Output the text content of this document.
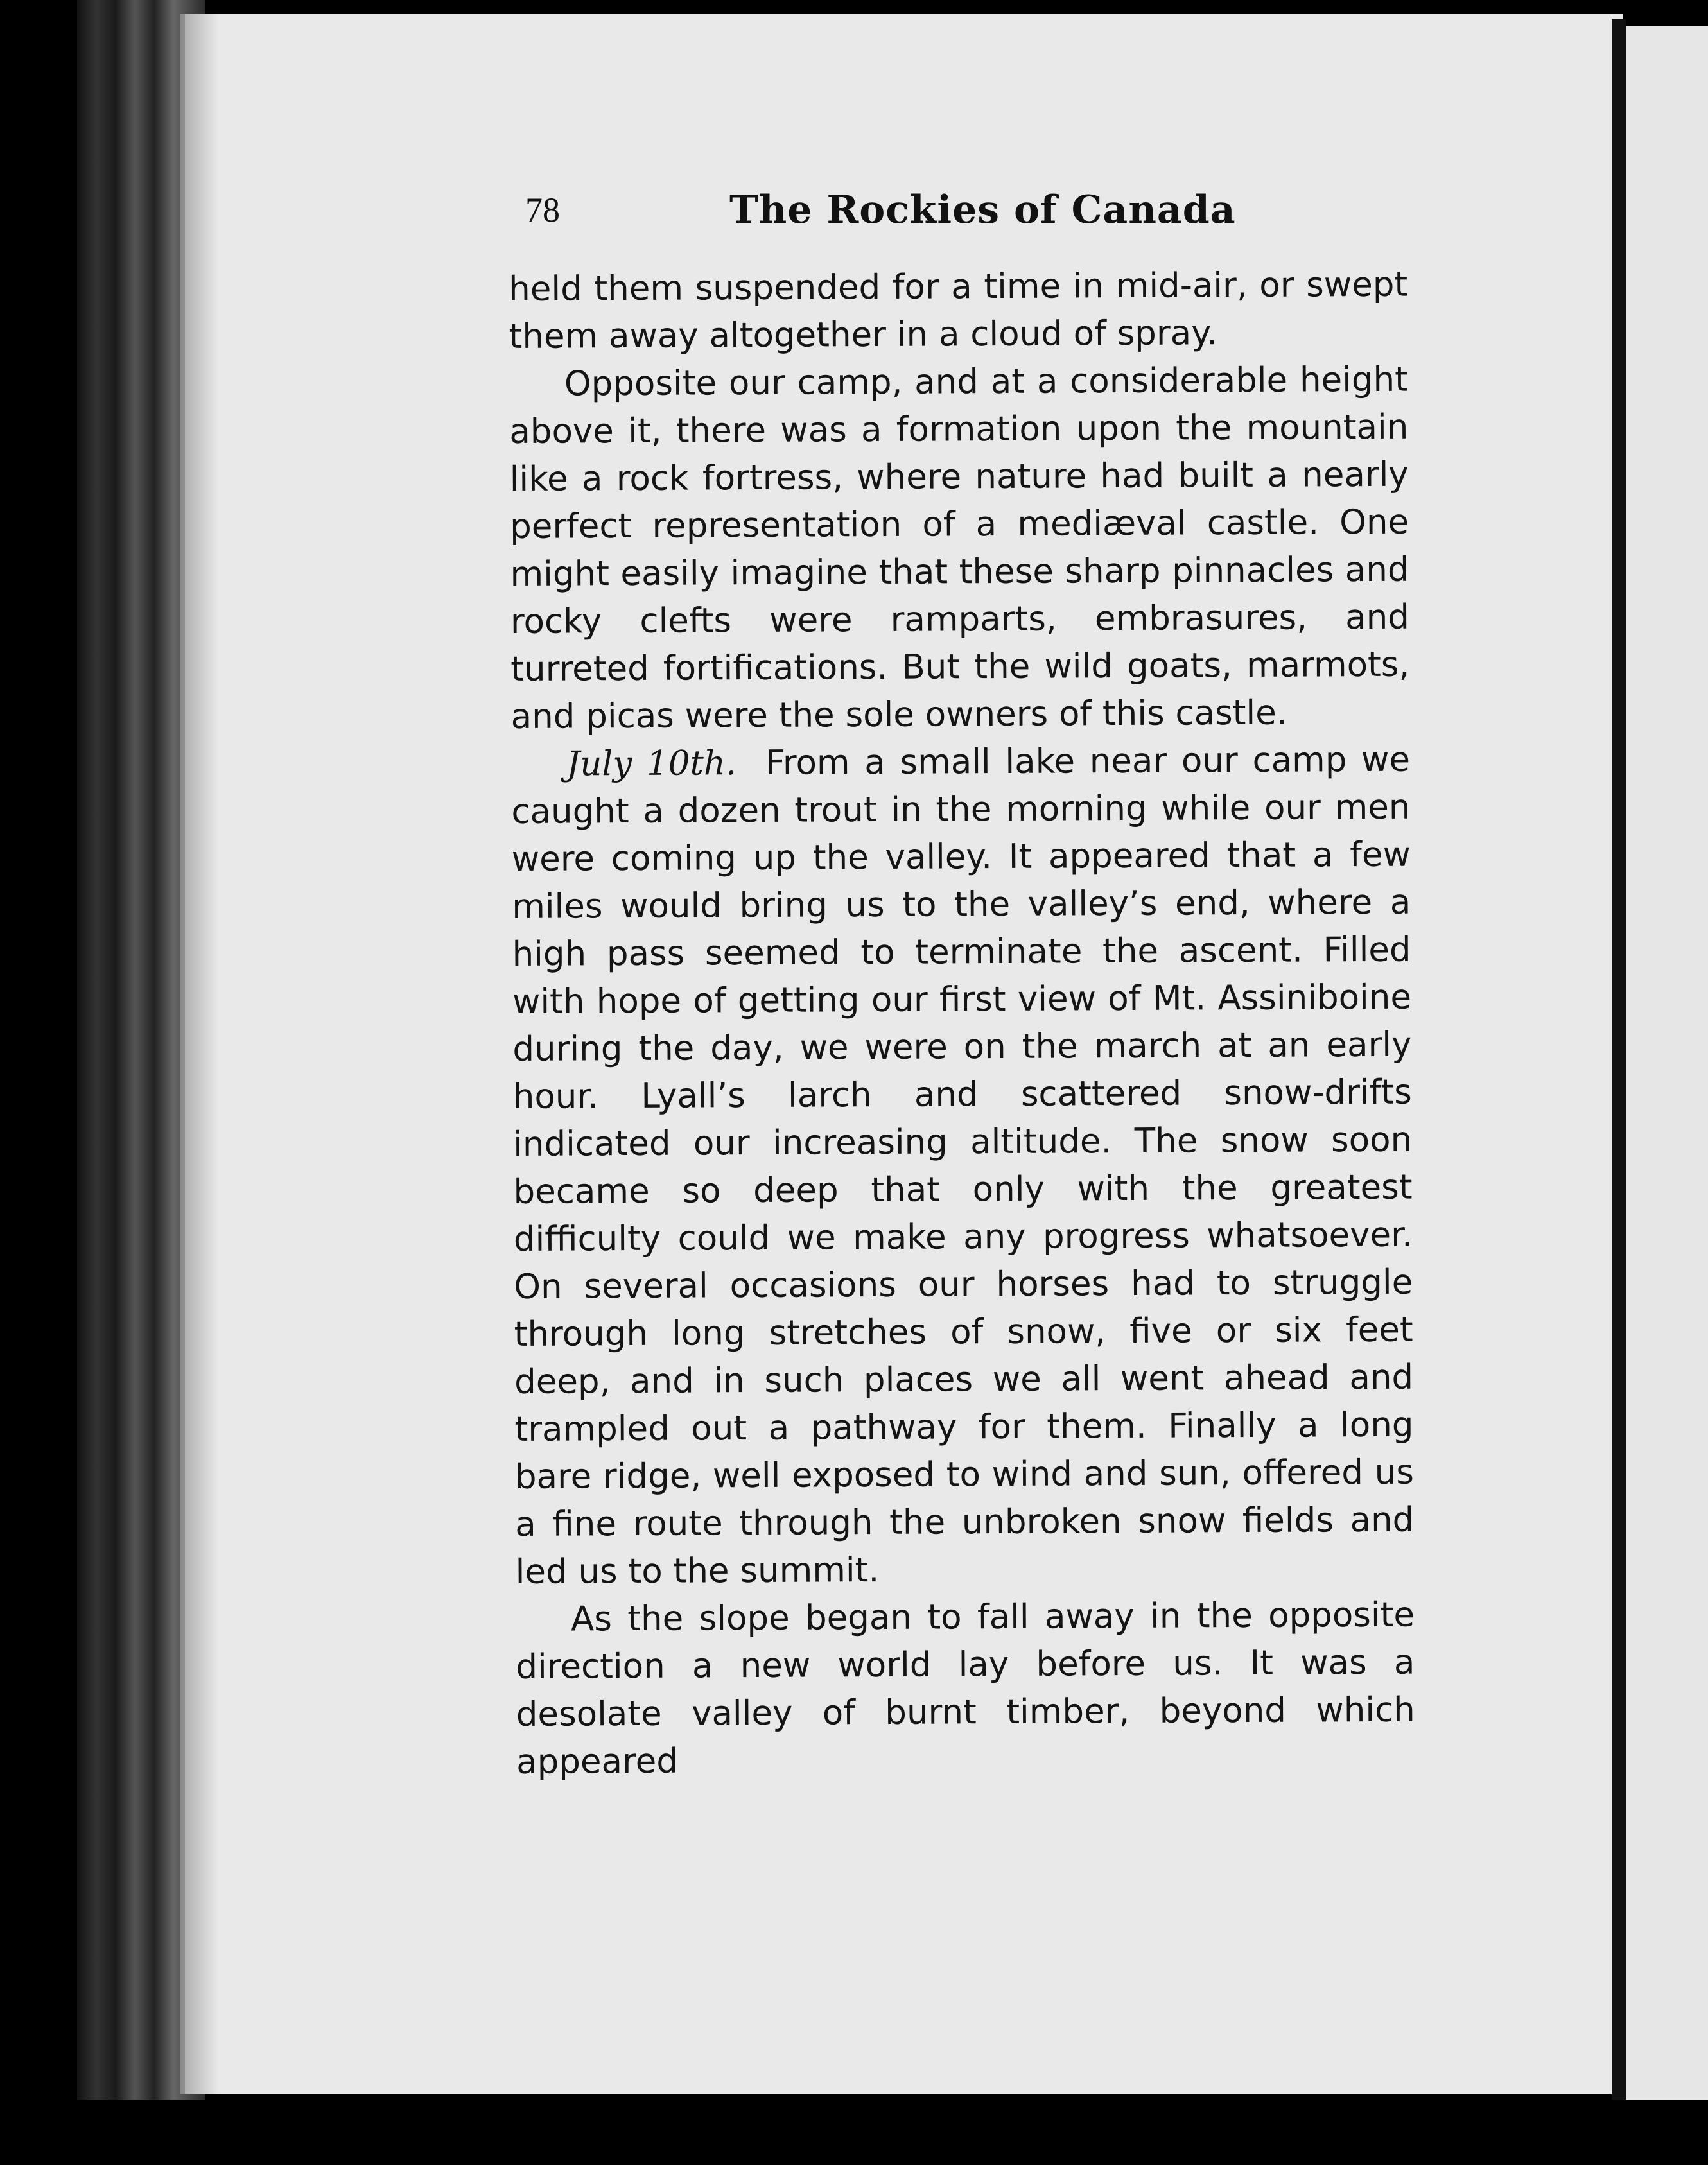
78	The Rockies of Canada

held them suspended for a time in mid-air, or swept them away altogether in a cloud of spray.

Opposite our camp, and at a considerable height above it, there was a formation upon the mountain like a rock fortress, where nature had built a nearly perfect representation of a mediæval castle. One might easily imagine that these sharp pinnacles and rocky clefts were ramparts, embrasures, and turreted fortifications. But the wild goats, marmots, and picas were the sole owners of this castle.

July 10th. From a small lake near our camp we caught a dozen trout in the morning while our men were coming up the valley. It appeared that a few miles would bring us to the valley’s end, where a high pass seemed to terminate the ascent. Filled with hope of getting our first view of Mt. Assiniboine during the day, we were on the march at an early hour. Lyall’s larch and scattered snow-drifts indicated our increasing altitude. The snow soon became so deep that only with the greatest difficulty could we make any progress whatsoever. On several occasions our horses had to struggle through long stretches of snow, five or six feet deep, and in such places we all went ahead and trampled out a pathway for them. Finally a long bare ridge, well exposed to wind and sun, offered us a fine route through the unbroken snow fields and led us to the summit.

As the slope began to fall away in the opposite direction a new world lay before us. It was a desolate valley of burnt timber, beyond which appeared
